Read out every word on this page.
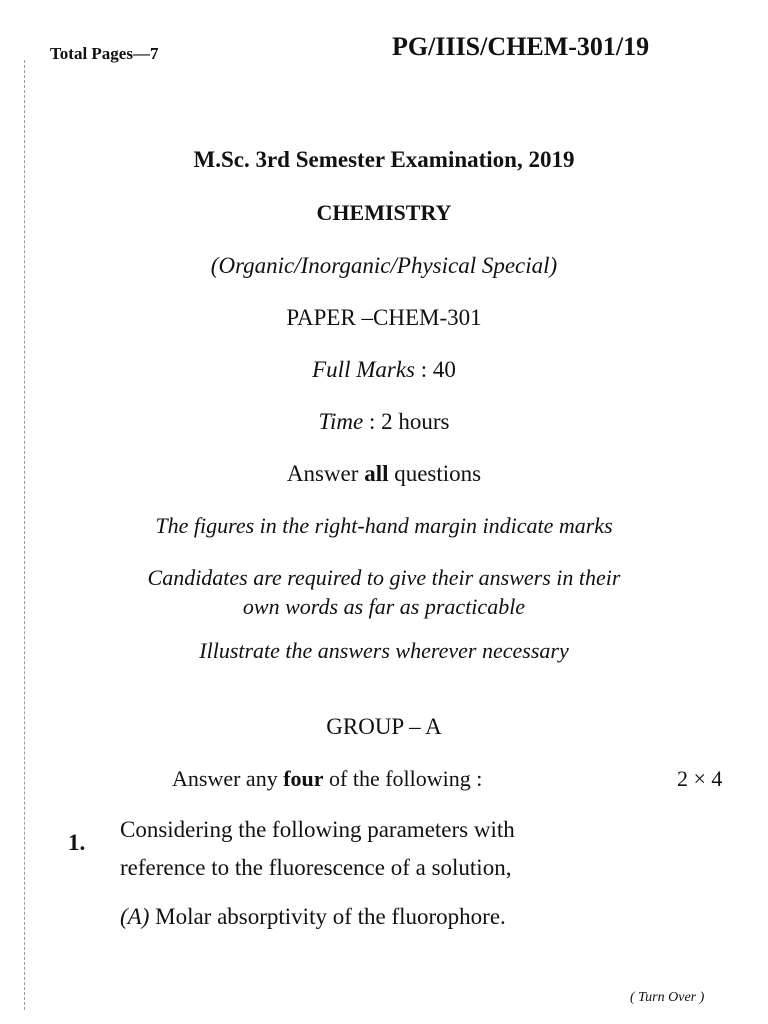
Total Pages—7	PG/IIIS/CHEM-301/19
M.Sc. 3rd Semester Examination, 2019
CHEMISTRY
(Organic/Inorganic/Physical Special)
PAPER –CHEM-301
Full Marks : 40
Time : 2 hours
Answer all questions
The figures in the right-hand margin indicate marks
Candidates are required to give their answers in their
own words as far as practicable
Illustrate the answers wherever necessary
GROUP – A
Answer any four of the following :	2 × 4
1.
Considering the following parameters with
reference to the fluorescence of a solution,
(A) Molar absorptivity of the fluorophore.
( Turn Over )
